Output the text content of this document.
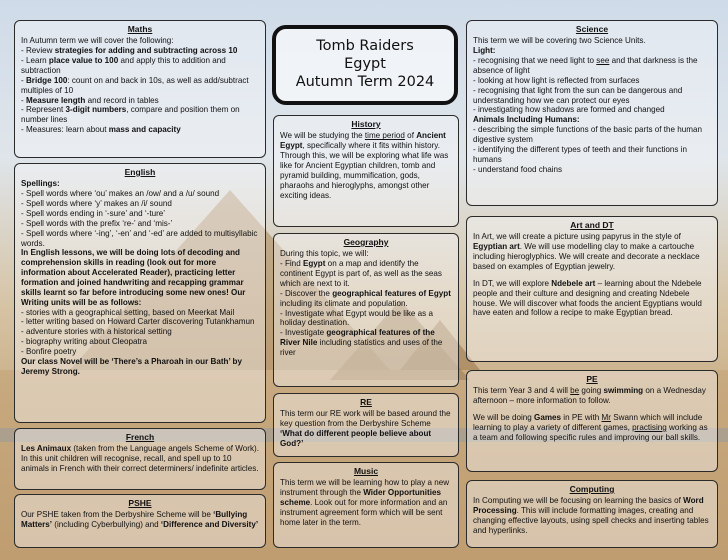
Tomb Raiders
Egypt
Autumn Term 2024
Maths

In Autumn term we will cover the following:

- Review strategies for adding and subtracting across 10

- Learn place value to 100 and apply this to addition and subtraction

- Bridge 100: count on and back in 10s, as well as add/subtract multiples of 10

- Measure length and record in tables

- Represent 3-digit numbers, compare and position them on number lines

- Measures: learn about mass and capacity

English

Spellings:

- Spell words where ‘ou’ makes an /ow/ and a /u/ sound

- Spell words where ‘y’ makes an /i/ sound

- Spell words ending in ‘-sure’ and ‘-ture’

- Spell words with the prefix ‘re-’ and ‘mis-’

- Spell words where ‘-ing’, ‘-en’ and ‘-ed’ are added to multisyllabic words.

In English lessons, we will be doing lots of decoding and comprehension skills in reading (look out for more information about Accelerated Reader), practicing letter formation and joined handwriting and recapping grammar skills learnt so far before introducing some new ones! Our Writing units will be as follows:

- stories with a geographical setting, based on Meerkat Mail

- letter writing based on Howard Carter discovering Tutankhamun

- adventure stories with a historical setting

- biography writing about Cleopatra

- Bonfire poetry

Our class Novel will be ‘There’s a Pharoah in our Bath’ by Jeremy Strong.

French

Les Animaux (taken from the Language angels Scheme of Work). In this unit children will recognise, recall, and spell up to 10 animals in French with their correct determiners/ indefinite articles.

PSHE

Our PSHE taken from the Derbyshire Scheme will be ‘Bullying Matters’ (including Cyberbullying) and ‘Difference and Diversity’

History

We will be studying the time period of Ancient Egypt, specifically where it fits within history. Through this, we will be exploring what life was like for Ancient Egyptian children, tomb and pyramid building, mummification, gods, pharaohs and hieroglyphs, amongst other exciting ideas.

Geography

During this topic, we will:

- Find Egypt on a map and identify the continent Egypt is part of, as well as the seas which are next to it.

- Discover the geographical features of Egypt including its climate and population.

- Investigate what Egypt would be like as a holiday destination.

- Investigate geographical features of the River Nile including statistics and uses of the river

RE

This term our RE work will be based around the key question from the Derbyshire Scheme ‘What do different people believe about God?’

Music

This term we will be learning how to play a new instrument through the Wider Opportunities scheme. Look out for more information and an instrument agreement form which will be sent home later in the term.

Science

This term we will be covering two Science Units.

Light:

- recognising that we need light to see and that darkness is the absence of light

- looking at how light is reflected from surfaces

- recognising that light from the sun can be dangerous and understanding how we can protect our eyes

- investigating how shadows are formed and changed

Animals Including Humans:

- describing the simple functions of the basic parts of the human digestive system

- identifying the different types of teeth and their functions in humans

- understand food chains

Art and DT

In Art, we will create a picture using papyrus in the style of Egyptian art. We will use modelling clay to make a cartouche including hieroglyphics. We will create and decorate a necklace based on examples of Egyptian jewelry.

In DT, we will explore Ndebele art – learning about the Ndebele people and their culture and designing and creating Ndebele house. We will discover what foods the ancient Egyptians would have eaten and follow a recipe to make Egyptian bread.

PE

This term Year 3 and 4 will be going swimming on a Wednesday afternoon – more information to follow.

We will be doing Games in PE with Mr Swann which will include learning to play a variety of different games, practising working as a team and following specific rules and improving our ball skills.

Computing

In Computing we will be focusing on learning the basics of Word Processing. This will include formatting images, creating and changing effective layouts, using spell checks and inserting tables and hyperlinks.
